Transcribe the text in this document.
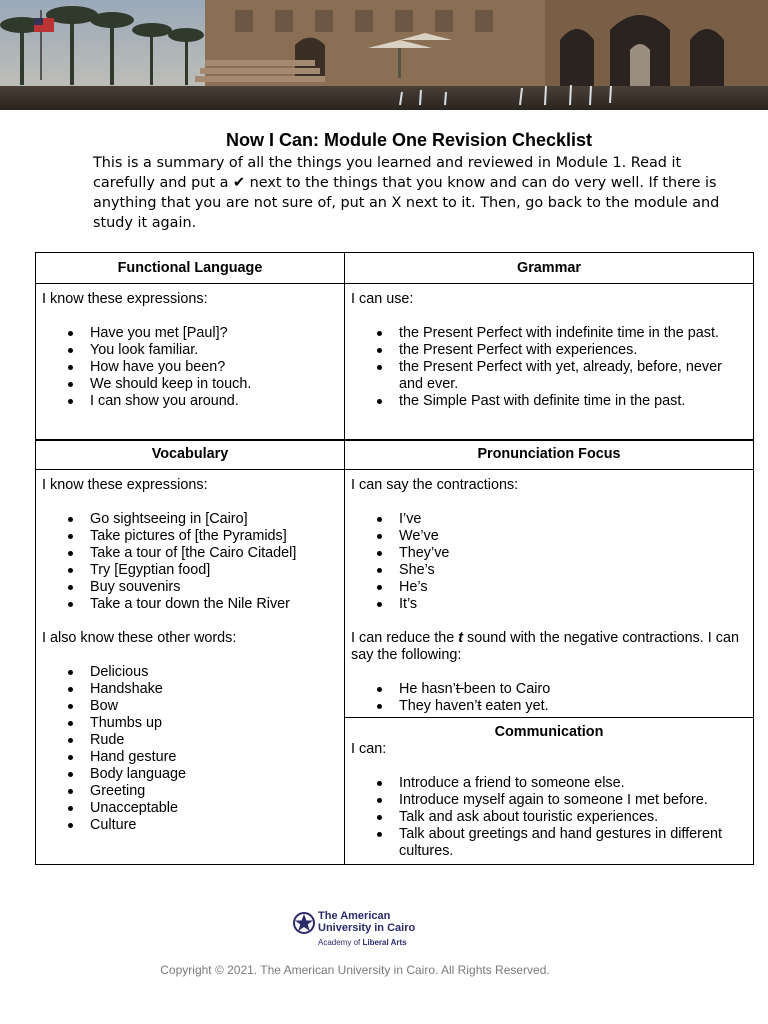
Now I Can: Module One Revision Checklist
This is a summary of all the things you learned and reviewed in Module 1. Read it carefully and put a ✔ next to the things that you know and can do very well. If there is anything that you are not sure of, put an X next to it. Then, go back to the module and study it again.
Functional Language

I know these expressions:

Have you met [Paul]?
You look familiar.
How have you been?
We should keep in touch.
I can show you around.
Vocabulary

I know these expressions:

Go sightseeing in [Cairo]
Take pictures of [the Pyramids]
Take a tour of [the Cairo Citadel]
Try [Egyptian food]
Buy souvenirs
Take a tour down the Nile River

I also know these other words:

Delicious
Handshake
Bow
Thumbs up
Rude
Hand gesture
Body language
Greeting
Unacceptable
Culture
Grammar

I can use:

the Present Perfect with indefinite time in the past.
the Present Perfect with experiences.
the Present Perfect with yet, already, before, never and ever.
the Simple Past with definite time in the past.
Pronunciation Focus

I can say the contractions:

I’ve
We’ve
They’ve
She’s
He’s
It’s

I can reduce the t sound with the negative contractions. I can say the following:

He hasn’t been to Cairo
They haven’t eaten yet.

Communication

I can:

Introduce a friend to someone else.
Introduce myself again to someone I met before.
Talk and ask about touristic experiences.
Talk about greetings and hand gestures in different cultures.
The American
University in Cairo
Academy of Liberal Arts
Copyright © 2021. The American University in Cairo. All Rights Reserved.
